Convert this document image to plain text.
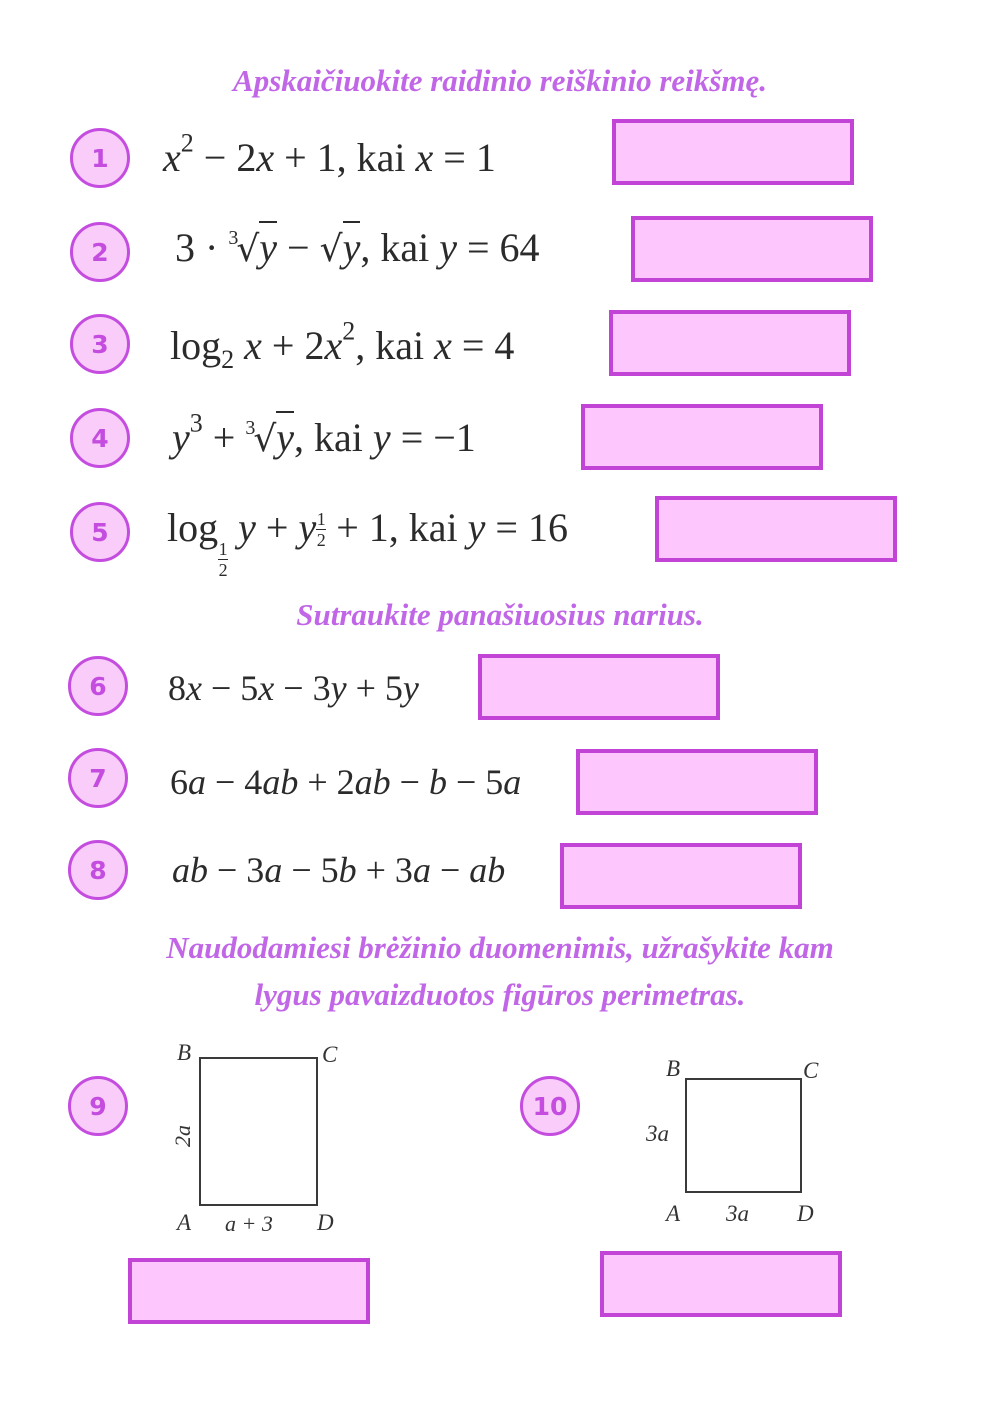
Apskaičiuokite raidinio reiškinio reikšmę.
1	$x^2 - 2x + 1$, kai x = 1
2	3 · $^3$√y − √y, kai y = 64
3	$\log_2 x + 2x^2$, kai x = 4
4	$y^3 + ^3√y$, kai y = −1
5	log
$\frac{1}{2}$
y + y $\frac{1}{2} + 1$, kai y = 16
Sutraukite panašiuosius narius.
6	8x − 5x − 3y + 5y
7	6a − 4ab + 2ab − b − 5a
8	ab − 3a − 5b + 3a − ab
Naudodamiesi brėžinio duomenimis, užrašykite kam
lygus pavaizduotos figūros perimetras.
9
B	C
A	D
2a
a + 3
10
B	C
A	D
3a
3a
